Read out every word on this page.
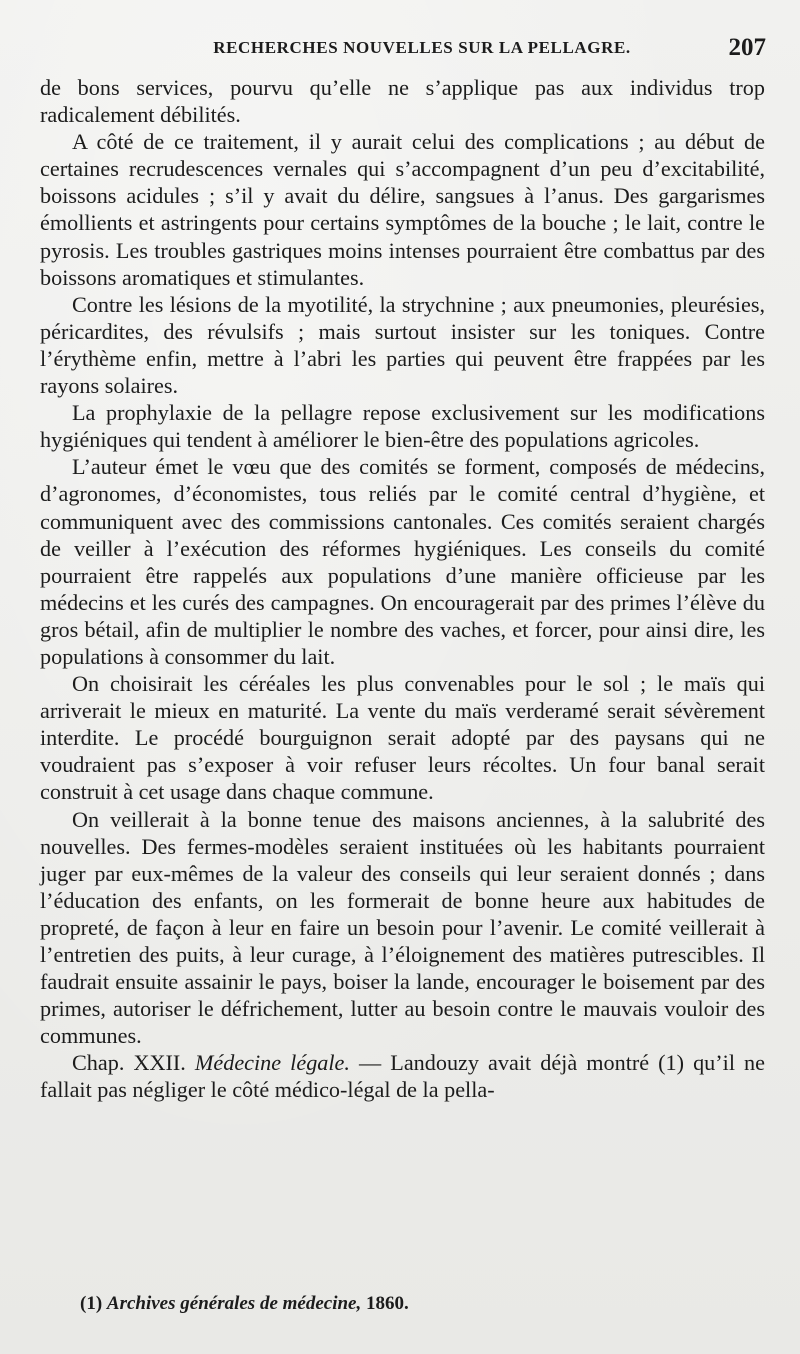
RECHERCHES NOUVELLES SUR LA PELLAGRE.	207

de bons services, pourvu qu’elle ne s’applique pas aux individus trop radicalement débilités.

A côté de ce traitement, il y aurait celui des complications ; au début de certaines recrudescences vernales qui s’accompagnent d’un peu d’excitabilité, boissons acidules ; s’il y avait du délire, sangsues à l’anus. Des gargarismes émollients et astringents pour certains symptômes de la bouche ; le lait, contre le pyrosis. Les troubles gastriques moins intenses pourraient être combattus par des boissons aromatiques et stimulantes.

Contre les lésions de la myotilité, la strychnine ; aux pneumonies, pleurésies, péricardites, des révulsifs ; mais surtout insister sur les toniques. Contre l’érythème enfin, mettre à l’abri les parties qui peuvent être frappées par les rayons solaires.

La prophylaxie de la pellagre repose exclusivement sur les modifications hygiéniques qui tendent à améliorer le bien-être des populations agricoles.

L’auteur émet le vœu que des comités se forment, composés de médecins, d’agronomes, d’économistes, tous reliés par le comité central d’hygiène, et communiquent avec des commissions cantonales. Ces comités seraient chargés de veiller à l’exécution des réformes hygiéniques. Les conseils du comité pourraient être rappelés aux populations d’une manière officieuse par les médecins et les curés des campagnes. On encouragerait par des primes l’élève du gros bétail, afin de multiplier le nombre des vaches, et forcer, pour ainsi dire, les populations à consommer du lait.

On choisirait les céréales les plus convenables pour le sol ; le maïs qui arriverait le mieux en maturité. La vente du maïs verderamé serait sévèrement interdite. Le procédé bourguignon serait adopté par des paysans qui ne voudraient pas s’exposer à voir refuser leurs récoltes. Un four banal serait construit à cet usage dans chaque commune.

On veillerait à la bonne tenue des maisons anciennes, à la salubrité des nouvelles. Des fermes-modèles seraient instituées où les habitants pourraient juger par eux-mêmes de la valeur des conseils qui leur seraient donnés ; dans l’éducation des enfants, on les formerait de bonne heure aux habitudes de propreté, de façon à leur en faire un besoin pour l’avenir. Le comité veillerait à l’entretien des puits, à leur curage, à l’éloignement des matières putrescibles. Il faudrait ensuite assainir le pays, boiser la lande, encourager le boisement par des primes, autoriser le défrichement, lutter au besoin contre le mauvais vouloir des communes.

Chap. XXII. Médecine légale. — Landouzy avait déjà montré (1) qu’il ne fallait pas négliger le côté médico-légal de la pella-

(1) Archives générales de médecine, 1860.
